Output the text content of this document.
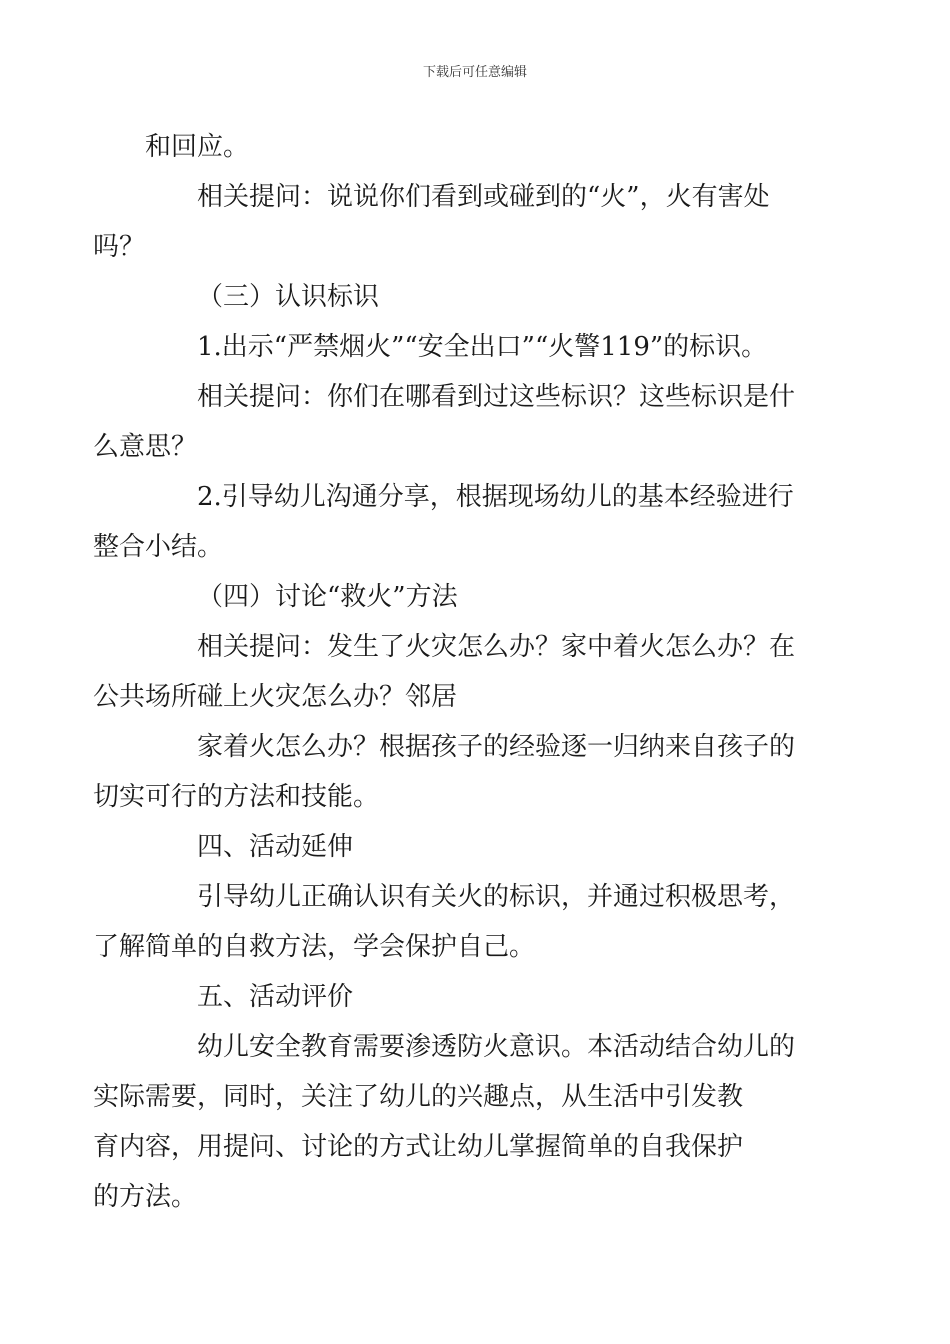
下载后可任意编辑

和回应。

相关提问：说说你们看到或碰到的“火”，火有害处
吗？

（三）认识标识

1.出示“严禁烟火”“安全出口”“火警119”的标识。

相关提问：你们在哪看到过这些标识？这些标识是什
么意思？

2.引导幼儿沟通分享，根据现场幼儿的基本经验进行
整合小结。

（四）讨论“救火”方法

相关提问：发生了火灾怎么办？家中着火怎么办？在
公共场所碰上火灾怎么办？邻居

家着火怎么办？根据孩子的经验逐一归纳来自孩子的
切实可行的方法和技能。

四、活动延伸

引导幼儿正确认识有关火的标识，并通过积极思考，
了解简单的自救方法，学会保护自己。

五、活动评价

幼儿安全教育需要渗透防火意识。本活动结合幼儿的
实际需要，同时，关注了幼儿的兴趣点，从生活中引发教
育内容，用提问、讨论的方式让幼儿掌握简单的自我保护
的方法。
